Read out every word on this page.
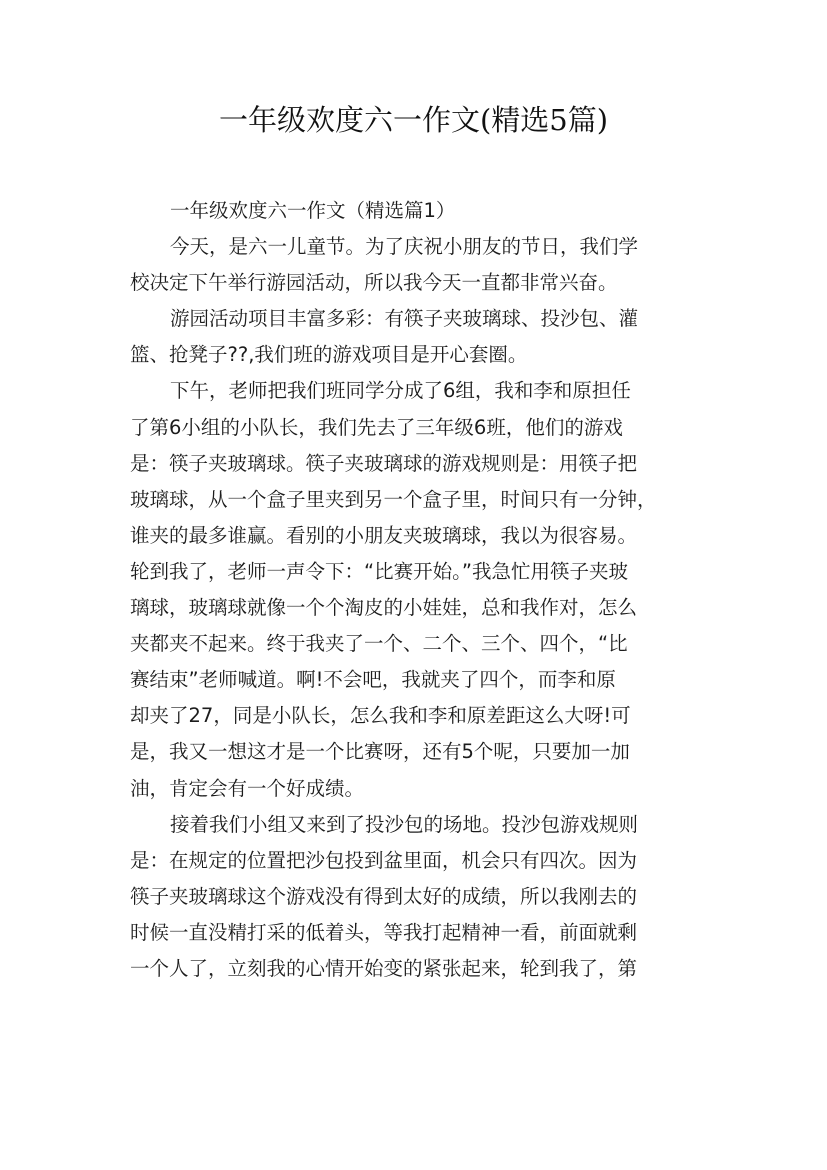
一年级欢度六一作文(精选5篇)
一年级欢度六一作文（精选篇1）
今天，是六一儿童节。为了庆祝小朋友的节日，我们学
校决定下午举行游园活动，所以我今天一直都非常兴奋。
游园活动项目丰富多彩：有筷子夹玻璃球、投沙包、灌
篮、抢凳子??,我们班的游戏项目是开心套圈。
下午，老师把我们班同学分成了6组，我和李和原担任
了第6小组的小队长，我们先去了三年级6班，他们的游戏
是：筷子夹玻璃球。筷子夹玻璃球的游戏规则是：用筷子把
玻璃球，从一个盒子里夹到另一个盒子里，时间只有一分钟，
谁夹的最多谁赢。看别的小朋友夹玻璃球，我以为很容易。
轮到我了，老师一声令下：“比赛开始。”我急忙用筷子夹玻
璃球，玻璃球就像一个个淘皮的小娃娃，总和我作对，怎么
夹都夹不起来。终于我夹了一个、二个、三个、四个，“比
赛结束”老师喊道。啊!不会吧，我就夹了四个，而李和原
却夹了27，同是小队长，怎么我和李和原差距这么大呀!可
是，我又一想这才是一个比赛呀，还有5个呢，只要加一加
油，肯定会有一个好成绩。
接着我们小组又来到了投沙包的场地。投沙包游戏规则
是：在规定的位置把沙包投到盆里面，机会只有四次。因为
筷子夹玻璃球这个游戏没有得到太好的成绩，所以我刚去的
时候一直没精打采的低着头，等我打起精神一看，前面就剩
一个人了，立刻我的心情开始变的紧张起来，轮到我了，第
